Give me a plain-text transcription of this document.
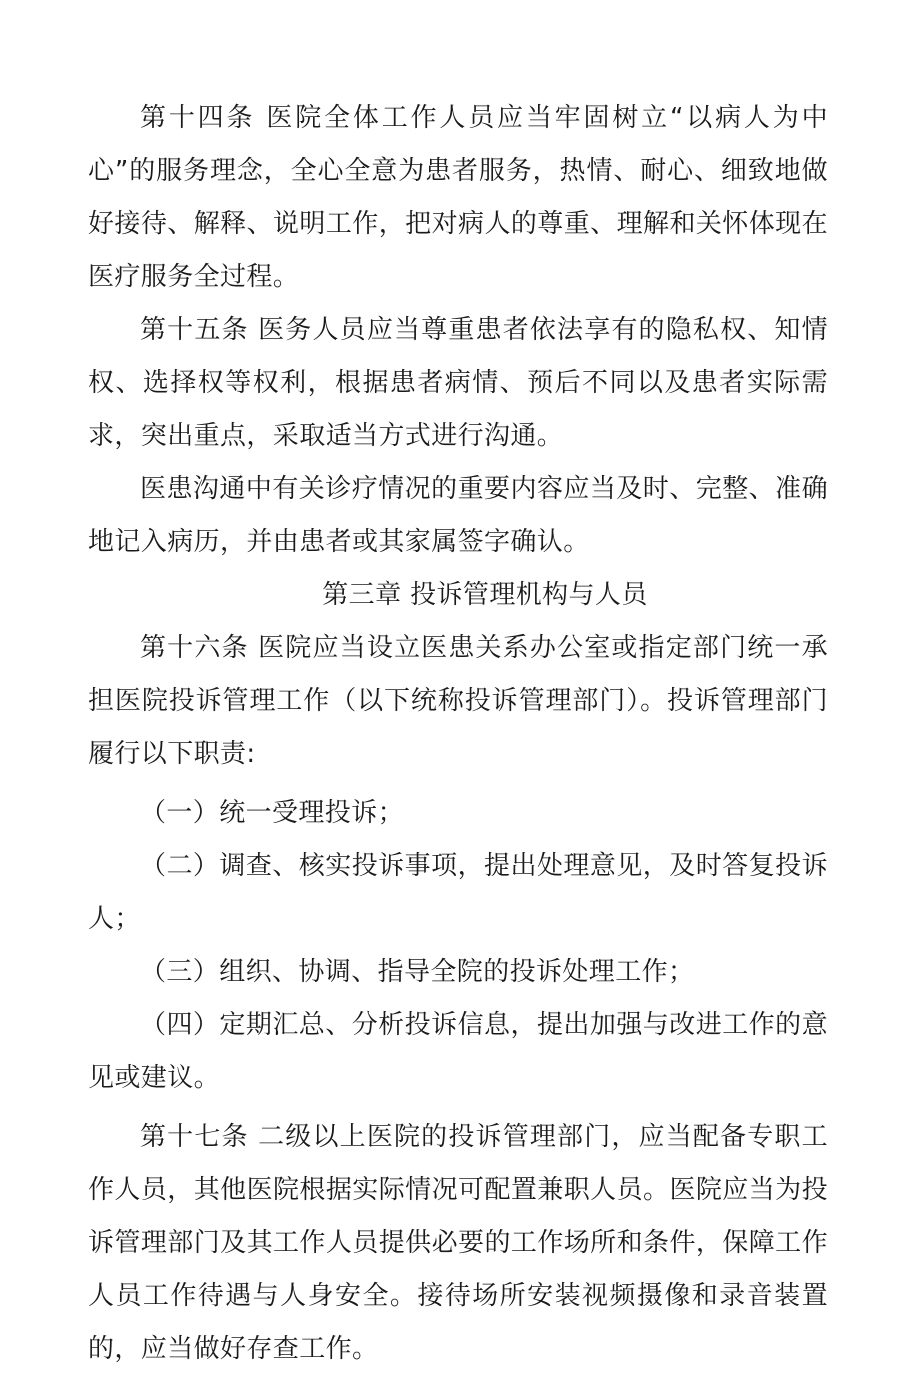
第十四条 医院全体工作人员应当牢固树立“以病人为中心”的服务理念，全心全意为患者服务，热情、耐心、细致地做好接待、解释、说明工作，把对病人的尊重、理解和关怀体现在医疗服务全过程。

第十五条 医务人员应当尊重患者依法享有的隐私权、知情权、选择权等权利，根据患者病情、预后不同以及患者实际需求，突出重点，采取适当方式进行沟通。

医患沟通中有关诊疗情况的重要内容应当及时、完整、准确地记入病历，并由患者或其家属签字确认。

第三章 投诉管理机构与人员

第十六条 医院应当设立医患关系办公室或指定部门统一承担医院投诉管理工作（以下统称投诉管理部门）。投诉管理部门履行以下职责:

（一）统一受理投诉；

（二）调查、核实投诉事项，提出处理意见，及时答复投诉人；

（三）组织、协调、指导全院的投诉处理工作；

（四）定期汇总、分析投诉信息，提出加强与改进工作的意见或建议。

第十七条 二级以上医院的投诉管理部门，应当配备专职工作人员，其他医院根据实际情况可配置兼职人员。医院应当为投诉管理部门及其工作人员提供必要的工作场所和条件，保障工作人员工作待遇与人身安全。接待场所安装视频摄像和录音装置的，应当做好存查工作。
